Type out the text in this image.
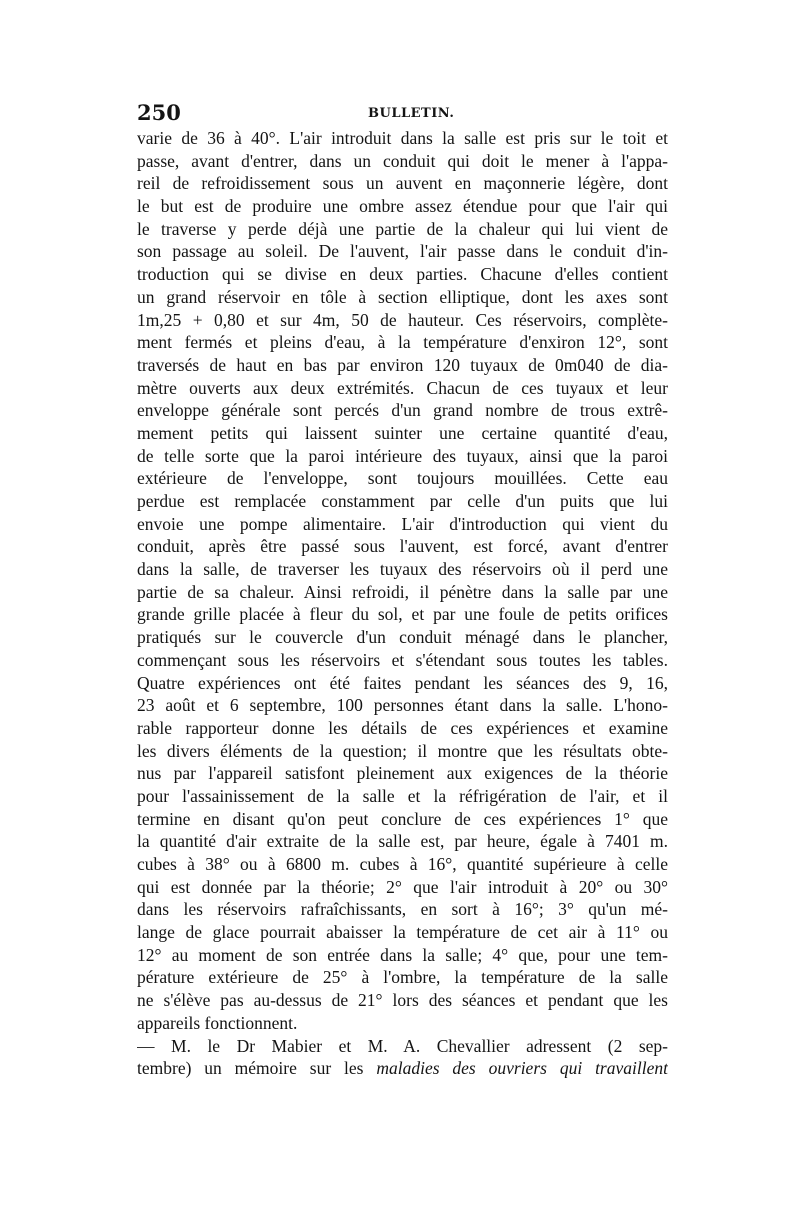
250	BULLETIN.
varie de 36 à 40°. L'air introduit dans la salle est pris sur le toit et
passe, avant d'entrer, dans un conduit qui doit le mener à l'appa-
reil de refroidissement sous un auvent en maçonnerie légère, dont
le but est de produire une ombre assez étendue pour que l'air qui
le traverse y perde déjà une partie de la chaleur qui lui vient de
son passage au soleil. De l'auvent, l'air passe dans le conduit d'in-
troduction qui se divise en deux parties. Chacune d'elles contient
un grand réservoir en tôle à section elliptique, dont les axes sont
1m,25 + 0,80 et sur 4m, 50 de hauteur. Ces réservoirs, complète-
ment fermés et pleins d'eau, à la température d'enxiron 12°, sont
traversés de haut en bas par environ 120 tuyaux de 0m040 de dia-
mètre ouverts aux deux extrémités. Chacun de ces tuyaux et leur
enveloppe générale sont percés d'un grand nombre de trous extrê-
mement petits qui laissent suinter une certaine quantité d'eau,
de telle sorte que la paroi intérieure des tuyaux, ainsi que la paroi
extérieure de l'enveloppe, sont toujours mouillées. Cette eau
perdue est remplacée constamment par celle d'un puits que lui
envoie une pompe alimentaire. L'air d'introduction qui vient du
conduit, après être passé sous l'auvent, est forcé, avant d'entrer
dans la salle, de traverser les tuyaux des réservoirs où il perd une
partie de sa chaleur. Ainsi refroidi, il pénètre dans la salle par une
grande grille placée à fleur du sol, et par une foule de petits orifices
pratiqués sur le couvercle d'un conduit ménagé dans le plancher,
commençant sous les réservoirs et s'étendant sous toutes les tables.
Quatre expériences ont été faites pendant les séances des 9, 16,
23 août et 6 septembre, 100 personnes étant dans la salle. L'hono-
rable rapporteur donne les détails de ces expériences et examine
les divers éléments de la question; il montre que les résultats obte-
nus par l'appareil satisfont pleinement aux exigences de la théorie
pour l'assainissement de la salle et la réfrigération de l'air, et il
termine en disant qu'on peut conclure de ces expériences 1° que
la quantité d'air extraite de la salle est, par heure, égale à 7401 m.
cubes à 38° ou à 6800 m. cubes à 16°, quantité supérieure à celle
qui est donnée par la théorie; 2° que l'air introduit à 20° ou 30°
dans les réservoirs rafraîchissants, en sort à 16°; 3° qu'un mé-
lange de glace pourrait abaisser la température de cet air à 11° ou
12° au moment de son entrée dans la salle; 4° que, pour une tem-
pérature extérieure de 25° à l'ombre, la température de la salle
ne s'élève pas au-dessus de 21° lors des séances et pendant que les
appareils fonctionnent.
— M. le Dr Mabier et M. A. Chevallier adressent (2 sep-
tembre) un mémoire sur les maladies des ouvriers qui travaillent
